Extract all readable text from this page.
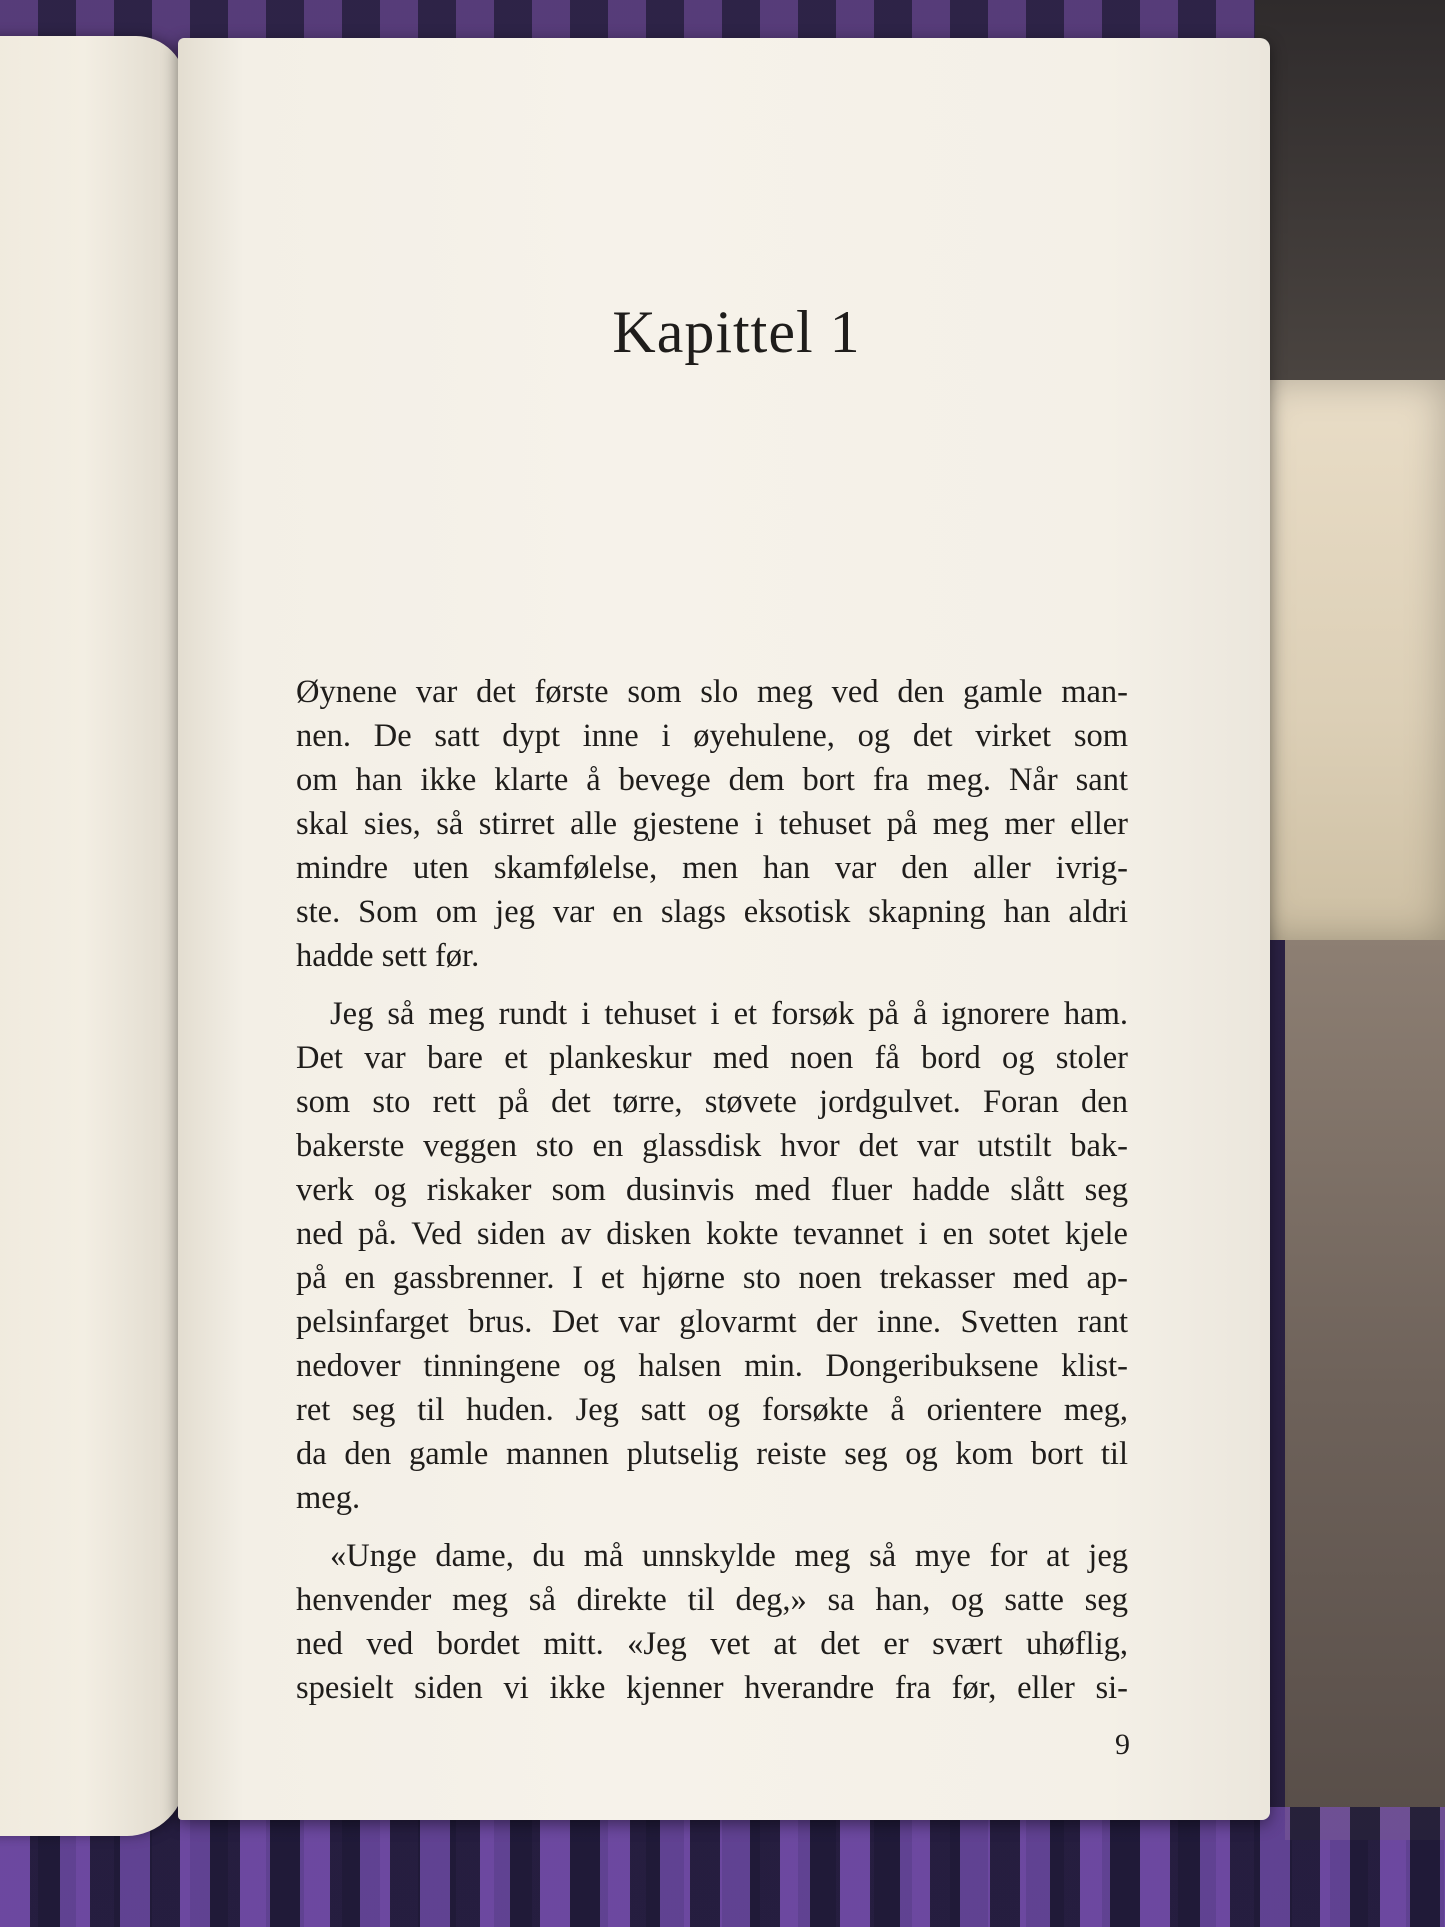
Kapittel 1
Øynene var det første som slo meg ved den gamle man-
nen. De satt dypt inne i øyehulene, og det virket som
om han ikke klarte å bevege dem bort fra meg. Når sant
skal sies, så stirret alle gjestene i tehuset på meg mer eller
mindre uten skamfølelse, men han var den aller ivrig-
ste. Som om jeg var en slags eksotisk skapning han aldri
hadde sett før.
Jeg så meg rundt i tehuset i et forsøk på å ignorere ham.
Det var bare et plankeskur med noen få bord og stoler
som sto rett på det tørre, støvete jordgulvet. Foran den
bakerste veggen sto en glassdisk hvor det var utstilt bak-
verk og riskaker som dusinvis med fluer hadde slått seg
ned på. Ved siden av disken kokte tevannet i en sotet kjele
på en gassbrenner. I et hjørne sto noen trekasser med ap-
pelsinfarget brus. Det var glovarmt der inne. Svetten rant
nedover tinningene og halsen min. Dongeribuksene klist-
ret seg til huden. Jeg satt og forsøkte å orientere meg,
da den gamle mannen plutselig reiste seg og kom bort til
meg.
«Unge dame, du må unnskylde meg så mye for at jeg
henvender meg så direkte til deg,» sa han, og satte seg
ned ved bordet mitt. «Jeg vet at det er svært uhøflig,
spesielt siden vi ikke kjenner hverandre fra før, eller si-
9
